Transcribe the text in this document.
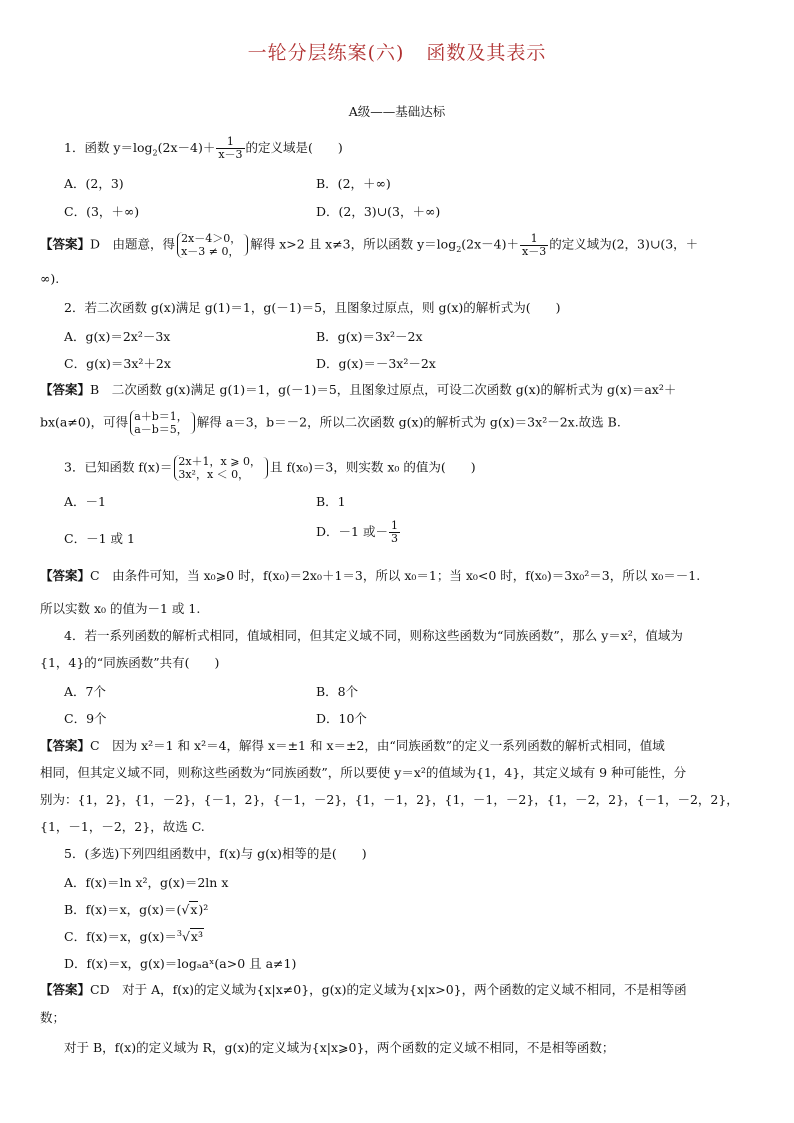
一轮分层练案(六) 函数及其表示
A级——基础达标
1．函数 $y=\log_2(2x-4)+ \frac{1}{x-3}$ 的定义域是(　　)
A．(2，3)	B．(2，＋∞)
C．(3，＋∞)	D．(2，3)∪(3，＋∞)
【答案】D　由题意，得 2x－4＞0，
x－3 ≠ 0， 解得 x>2 且 x≠3，所以函数 $y=\log_2(2x-4)+ \frac{1}{x-3}$ 的定义域为(2，3)∪(3，＋
∞).
2．若二次函数 g(x)满足 g(1)＝1，g(－1)＝5，且图象过原点，则 g(x)的解析式为(　　)
A．g(x)＝2x²－3x	B．g(x)＝3x²－2x
C．g(x)＝3x²＋2x	D．g(x)＝－3x²－2x
【答案】B　二次函数 g(x)满足 g(1)＝1，g(－1)＝5，且图象过原点，可设二次函数 g(x)的解析式为 g(x)＝ax²＋
bx(a≠0)，可得 a＋b＝1，
a－b＝5， 解得 a＝3，b＝－2，所以二次函数 g(x)的解析式为 g(x)＝3x²－2x.故选 B.
3．已知函数 f(x)＝ 2x＋1，x ⩾ 0，
3x²，x ＜ 0， 且 f(x₀)＝3，则实数 x₀ 的值为(　　)
A．－1	B．1
C．－1 或 1	D．－1 或－ $\frac{1}{3}$
【答案】C　由条件可知，当 x₀⩾0 时，f(x₀)＝2x₀＋1＝3，所以 x₀＝1；当 x₀<0 时，f(x₀)＝3x₀²＝3，所以 x₀＝－1.
所以实数 x₀ 的值为－1 或 1.
4．若一系列函数的解析式相同，值域相同，但其定义域不同，则称这些函数为“同族函数”，那么 y＝x²，值域为
{1，4}的“同族函数”共有(　　)
A．7个	B．8个
C．9个	D．10个
【答案】C　因为 x²＝1 和 x²＝4，解得 x＝±1 和 x＝±2，由“同族函数”的定义一系列函数的解析式相同，值域
相同，但其定义域不同，则称这些函数为“同族函数”，所以要使 y＝x²的值域为{1，4}，其定义域有 9 种可能性，分
别为：{1，2}，{1，－2}，{－1，2}，{－1，－2}，{1，－1，2}，{1，－1，－2}，{1，－2，2}，{－1，－2，2}，
{1，－1，－2，2}，故选 C.
5．(多选)下列四组函数中，f(x)与 g(x)相等的是(　　)
A．f(x)＝ln x²，g(x)＝2ln x
B．f(x)＝x，g(x)＝(√x)²
C．f(x)＝x，g(x)＝$^3$√x³
D．f(x)＝x，g(x)＝logₐaˣ(a>0 且 a≠1)
【答案】CD　对于 A，f(x)的定义域为{x|x≠0}，g(x)的定义域为{x|x>0}，两个函数的定义域不相同，不是相等函
数；
对于 B，f(x)的定义域为 R，g(x)的定义域为{x|x⩾0}，两个函数的定义域不相同，不是相等函数；
